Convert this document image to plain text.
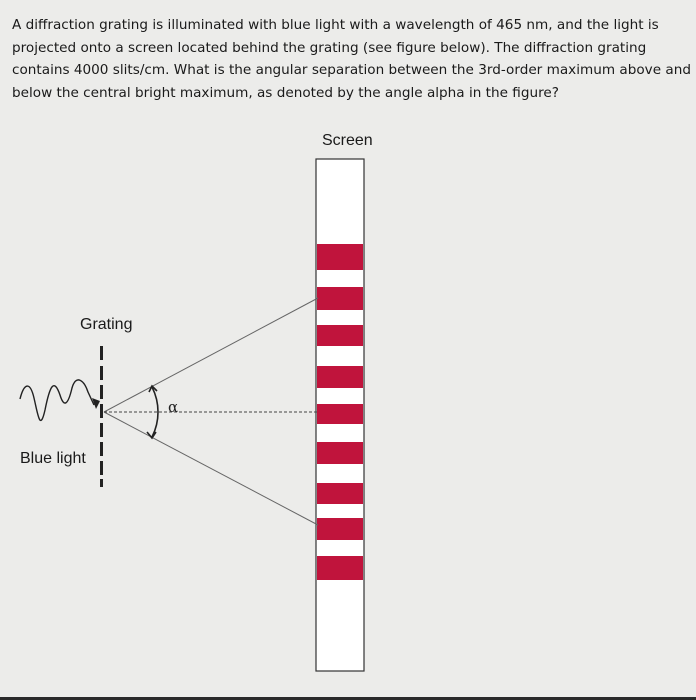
A diffraction grating is illuminated with blue light with a wavelength of 465 nm, and the light is
projected onto a screen located behind the grating (see figure below). The diffraction grating
contains 4000 slits/cm. What is the angular separation between the 3rd-order maximum above and
below the central bright maximum, as denoted by the angle alpha in the figure?
α
Screen
Grating
Blue light
